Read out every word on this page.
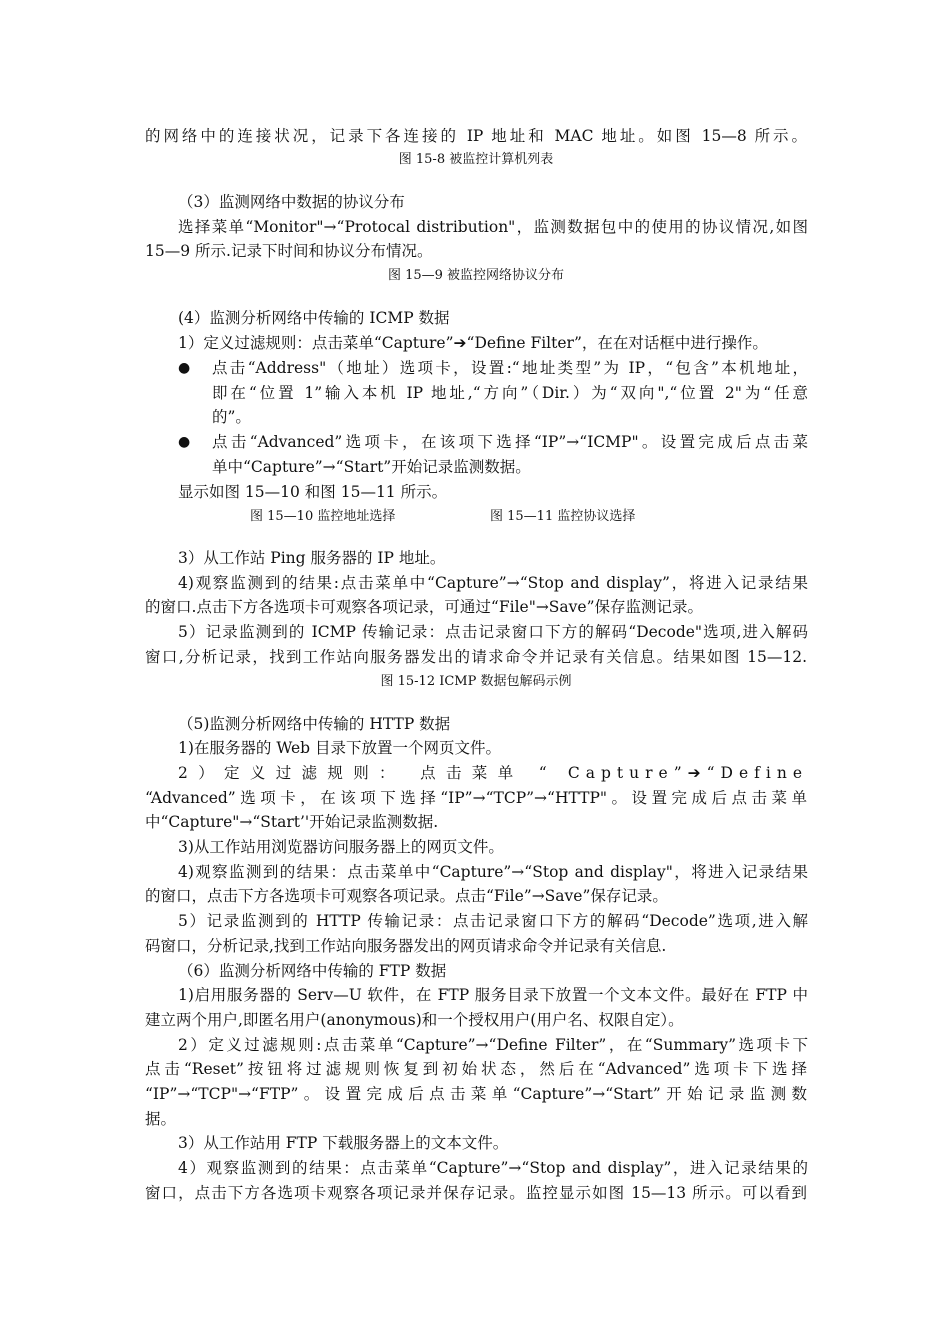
的网络中的连接状况，记录下各连接的 IP 地址和 MAC 地址。如图 15—8 所示。
图 15-8 被监控计算机列表
（3）监测网络中数据的协议分布
选择菜单“Monitor"→“Protocal distribution"，监测数据包中的使用的协议情况,如图
15—9 所示.记录下时间和协议分布情况。
图 15—9 被监控网络协议分布
(4）监测分析网络中传输的 ICMP 数据
1）定义过滤规则：点击菜单“Capture”➔“Define Filter”，在在对话框中进行操作。
● 点击“Address"（地址）选项卡，设置:“地址类型”为 IP，“包含”本机地址，
即在“位置 1”输入本机 IP 地址,“方向”（Dir.）为“双向",“位置 2"为“任意
的”。
● 点击“Advanced”选项卡，在该项下选择“IP”→“ICMP"。设置完成后点击菜
单中“Capture”→“Start”开始记录监测数据。
显示如图 15—10 和图 15—11 所示。
图 15—10 监控地址选择	图 15—11 监控协议选择
3）从工作站 Ping 服务器的 IP 地址。
4)观察监测到的结果:点击菜单中“Capture”→“Stop and display”，将进入记录结果
的窗口.点击下方各选项卡可观察各项记录，可通过“File"→Save”保存监测记录。
5）记录监测到的 ICMP 传输记录：点击记录窗口下方的解码“Decode"选项,进入解码
窗口,分析记录，找到工作站向服务器发出的请求命令并记录有关信息。结果如图 15—12.
图 15-12 ICMP 数据包解码示例
（5)监测分析网络中传输的 HTTP 数据
1)在服务器的 Web 目录下放置一个网页文件。
2）定义过滤规则： 点击菜单 “ Capture”➔“Define
“Advanced”选项卡，在该项下选择“IP”→“TCP”→“HTTP"。设置完成后点击菜单
中“Capture"→“Start’'开始记录监测数据.
3)从工作站用浏览器访问服务器上的网页文件。
4)观察监测到的结果：点击菜单中“Capture”→“Stop and display"，将进入记录结果
的窗口，点击下方各选项卡可观察各项记录。点击“File”→Save”保存记录。
5）记录监测到的 HTTP 传输记录：点击记录窗口下方的解码“Decode”选项,进入解
码窗口，分析记录,找到工作站向服务器发出的网页请求命令并记录有关信息.
（6）监测分析网络中传输的 FTP 数据
1)启用服务器的 Serv—U 软件，在 FTP 服务目录下放置一个文本文件。最好在 FTP 中
建立两个用户,即匿名用户(anonymous)和一个授权用户(用户名、权限自定）。
2）定义过滤规则:点击菜单“Capture”→“Define Filter”，在“Summary”选项卡下
点击“Reset”按钮将过滤规则恢复到初始状态，然后在“Advanced”选项卡下选择
“IP”→“TCP"→“FTP”。设置完成后点击菜单“Capture”→“Start”开始记录监测数
据。
3）从工作站用 FTP 下载服务器上的文本文件。
4）观察监测到的结果：点击菜单“Capture”→“Stop and display”，进入记录结果的
窗口，点击下方各选项卡观察各项记录并保存记录。监控显示如图 15—13 所示。可以看到
